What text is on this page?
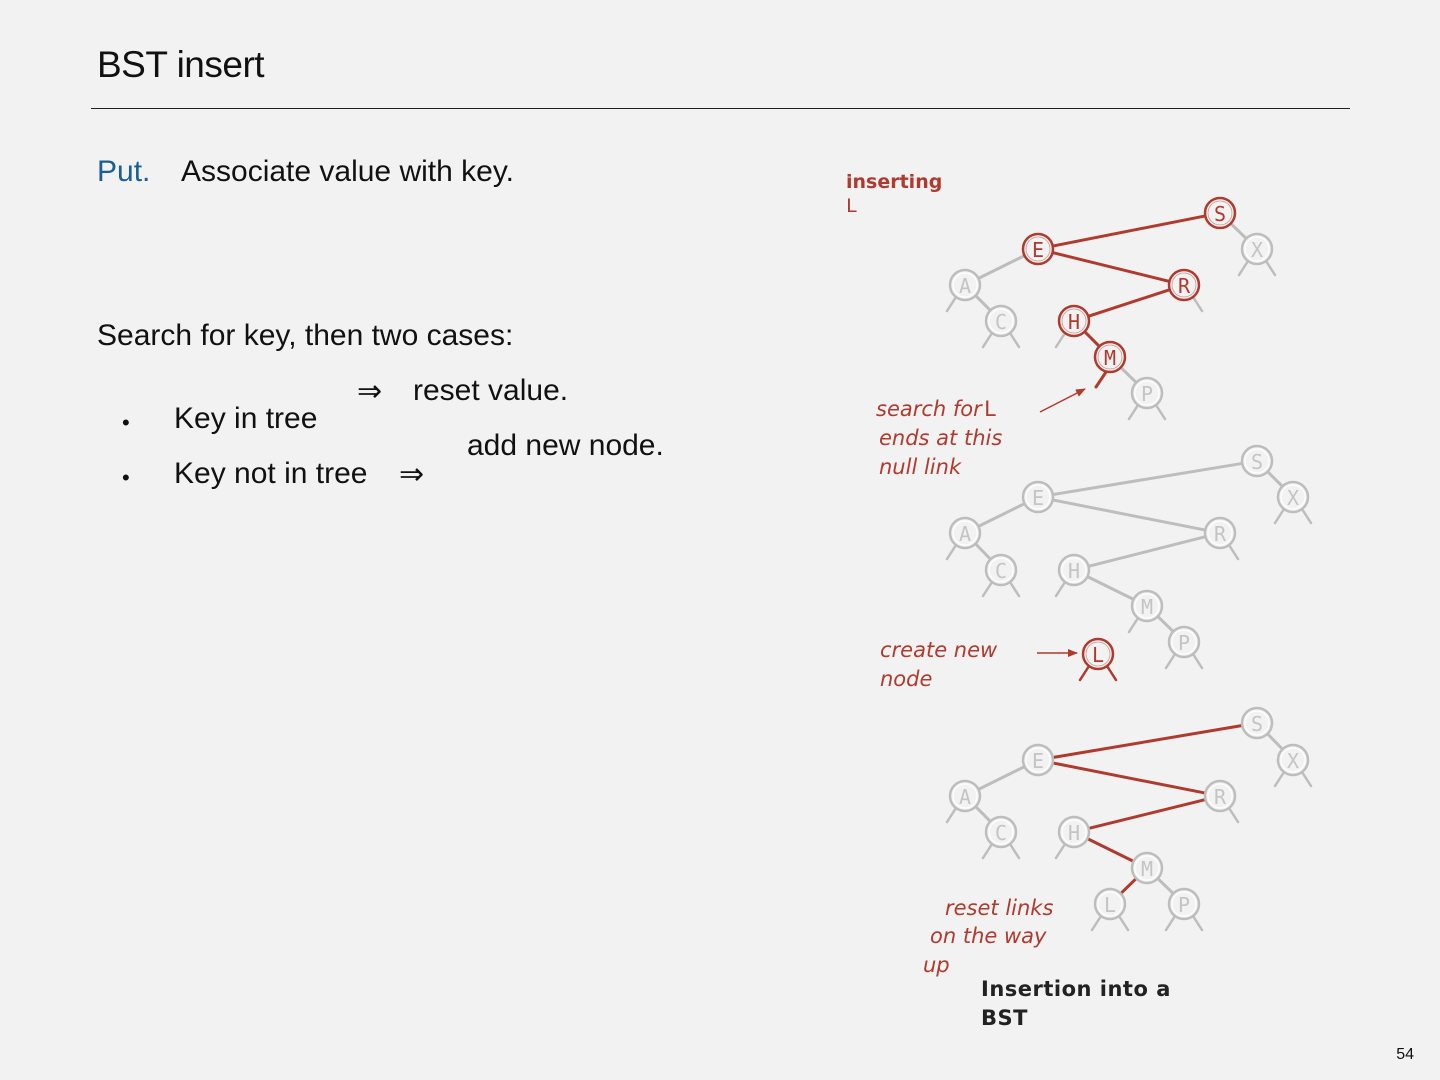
BST insert
Put. Associate value with key.
Search for key, then two cases:
• Key in tree
⇒ reset value.
• Key not in tree ⇒
add new node.
S
X
E
A	R
C	H
M
P
S
X
E
A	R
C	H
M
P
L
S
X
E
A	R
C	H
M
L	P
inserting
L
search for L
ends at this
null link
create new
node
reset links
on the way
up
Insertion into a
BST
54
